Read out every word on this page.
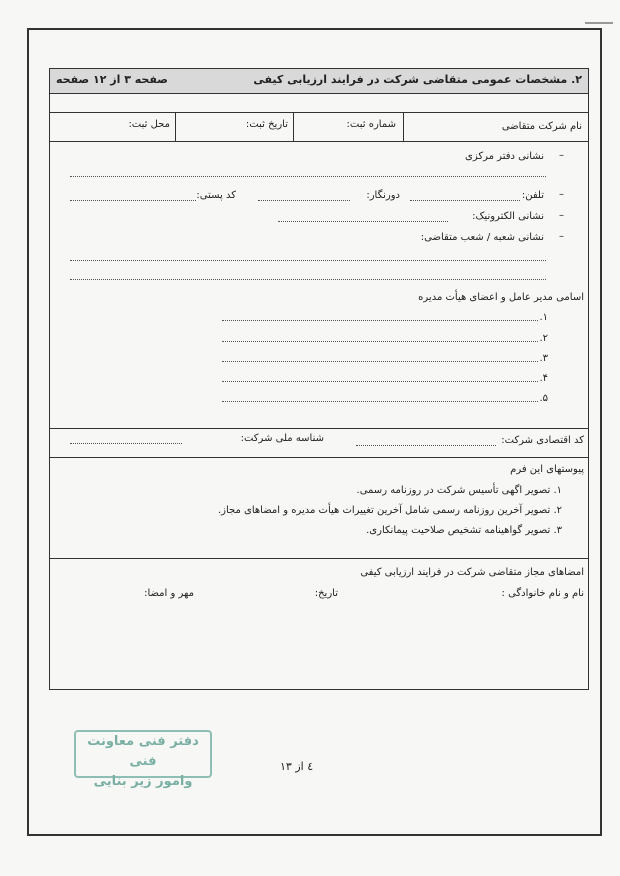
۲. مشخصات عمومی متقاضی شرکت در فرایند ارزیابی کیفی
صفحه ۳ از ۱۲ صفحه
نام شرکت متقاضی
شماره ثبت:
تاریخ ثبت:
محل ثبت:
–
نشانی دفتر مرکزی
–
تلفن:
دورنگار:
کد پستی:
–
نشانی الکترونیک:
–
نشانی شعبه / شعب متقاضی:
اسامی مدیر عامل و اعضای هیأت مدیره
۱.
۲.
۳.
۴.
۵.
کد اقتصادی شرکت:
شناسه ملی شرکت:
پیوستهای این فرم
۱. تصویر اگهی تأسیس شرکت در روزنامه رسمی.
۲. تصویر آخرین روزنامه رسمی شامل آخرین تغییرات هیأت مدیره و امضاهای مجاز.
۳. تصویر گواهینامه تشخیص صلاحیت پیمانکاری.
امضاهای مجاز متقاضی شرکت در فرایند ارزیابی کیفی
نام و نام خانوادگی :
تاریخ:
مهر و امضا:
دفتر فنی معاونت فنی
وامور زیر بنایی
٤ از ١٣
